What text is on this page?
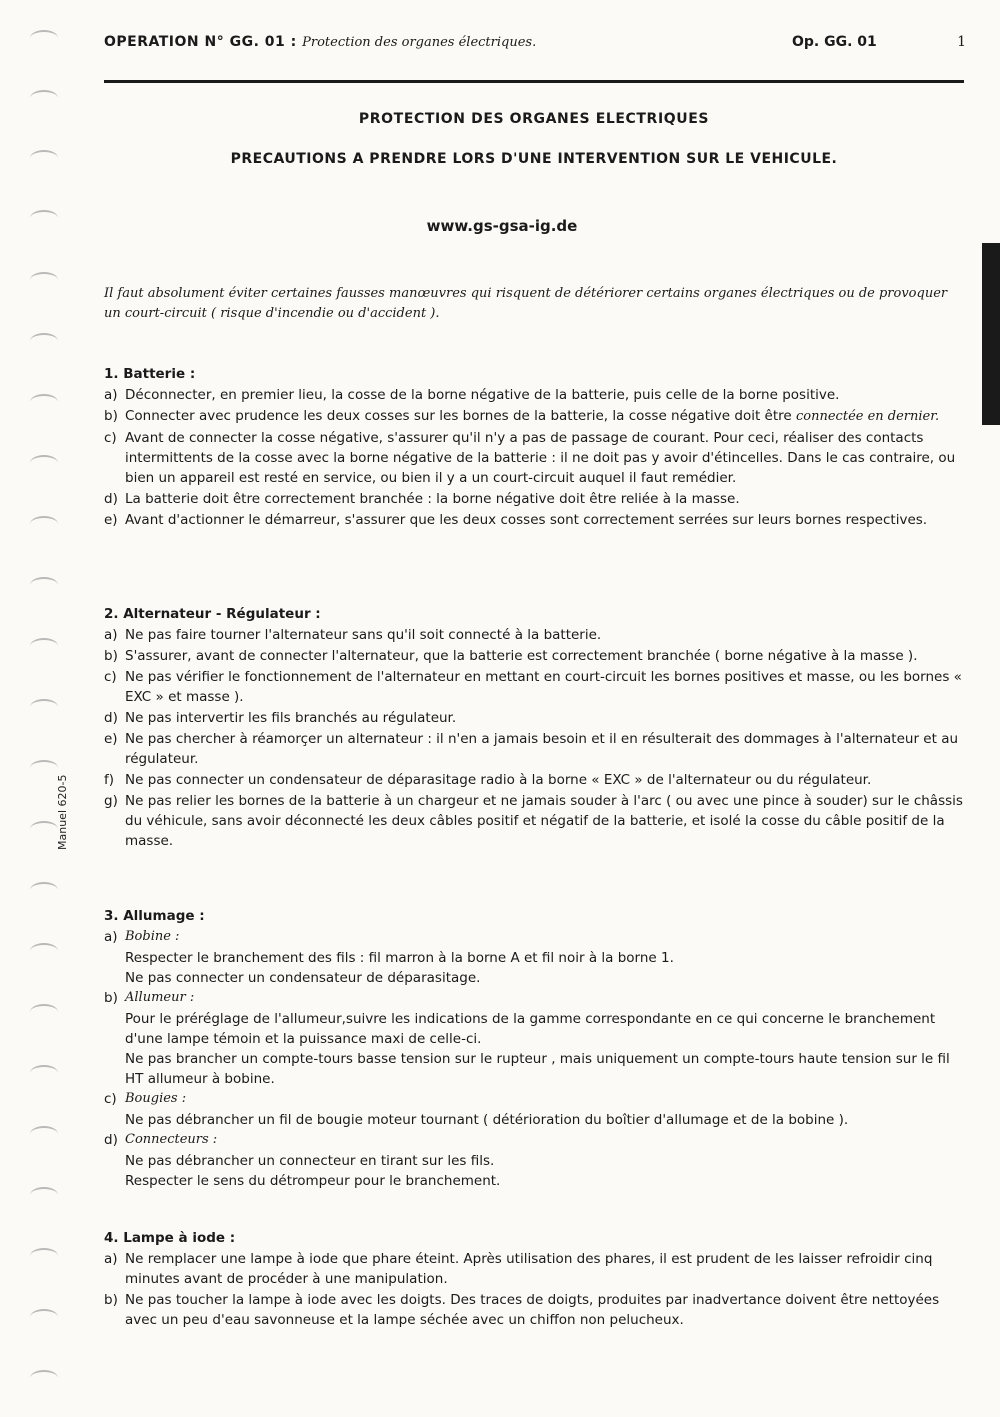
Manuel 620-5
OPERATION N° GG. 01 : Protection des organes électriques.	Op. GG. 01	1
PROTECTION DES ORGANES ELECTRIQUES
PRECAUTIONS A PRENDRE LORS D'UNE INTERVENTION SUR LE VEHICULE.
www.gs-gsa-ig.de
Il faut absolument éviter certaines fausses manœuvres qui risquent de détériorer certains organes électriques ou de provoquer un court-circuit ( risque d'incendie ou d'accident ).
1. Batterie :
a) Déconnecter, en premier lieu, la cosse de la borne négative de la batterie, puis celle de la borne positive.
b) Connecter avec prudence les deux cosses sur les bornes de la batterie, la cosse négative doit être connectée en dernier.
c) Avant de connecter la cosse négative, s'assurer qu'il n'y a pas de passage de courant. Pour ceci, réaliser des contacts intermittents de la cosse avec la borne négative de la batterie : il ne doit pas y avoir d'étincelles. Dans le cas contraire, ou bien un appareil est resté en service, ou bien il y a un court-circuit auquel il faut remédier.
d) La batterie doit être correctement branchée : la borne négative doit être reliée à la masse.
e) Avant d'actionner le démarreur, s'assurer que les deux cosses sont correctement serrées sur leurs bornes respectives.
2. Alternateur - Régulateur :
a) Ne pas faire tourner l'alternateur sans qu'il soit connecté à la batterie.
b) S'assurer, avant de connecter l'alternateur, que la batterie est correctement branchée ( borne négative à la masse ).
c) Ne pas vérifier le fonctionnement de l'alternateur en mettant en court-circuit les bornes positives et masse, ou les bornes « EXC » et masse ).
d) Ne pas intervertir les fils branchés au régulateur.
e) Ne pas chercher à réamorçer un alternateur : il n'en a jamais besoin et il en résulterait des dommages à l'alternateur et au régulateur.
f) Ne pas connecter un condensateur de déparasitage radio à la borne « EXC » de l'alternateur ou du régulateur.
g) Ne pas relier les bornes de la batterie à un chargeur et ne jamais souder à l'arc ( ou avec une pince à souder) sur le châssis du véhicule, sans avoir déconnecté les deux câbles positif et négatif de la batterie, et isolé la cosse du câble positif de la masse.
3. Allumage :
a) Bobine :
Respecter le branchement des fils : fil marron à la borne A et fil noir à la borne 1.
Ne pas connecter un condensateur de déparasitage.
b) Allumeur :
Pour le préréglage de l'allumeur,suivre les indications de la gamme correspondante en ce qui concerne le branchement d'une lampe témoin et la puissance maxi de celle-ci.
Ne pas brancher un compte-tours basse tension sur le rupteur , mais uniquement un compte-tours haute tension sur le fil HT allumeur à bobine.
c) Bougies :
Ne pas débrancher un fil de bougie moteur tournant ( détérioration du boîtier d'allumage et de la bobine ).
d) Connecteurs :
Ne pas débrancher un connecteur en tirant sur les fils.
Respecter le sens du détrompeur pour le branchement.
4. Lampe à iode :
a) Ne remplacer une lampe à iode que phare éteint. Après utilisation des phares, il est prudent de les laisser refroidir cinq minutes avant de procéder à une manipulation.
b) Ne pas toucher la lampe à iode avec les doigts. Des traces de doigts, produites par inadvertance doivent être nettoyées avec un peu d'eau savonneuse et la lampe séchée avec un chiffon non pelucheux.
